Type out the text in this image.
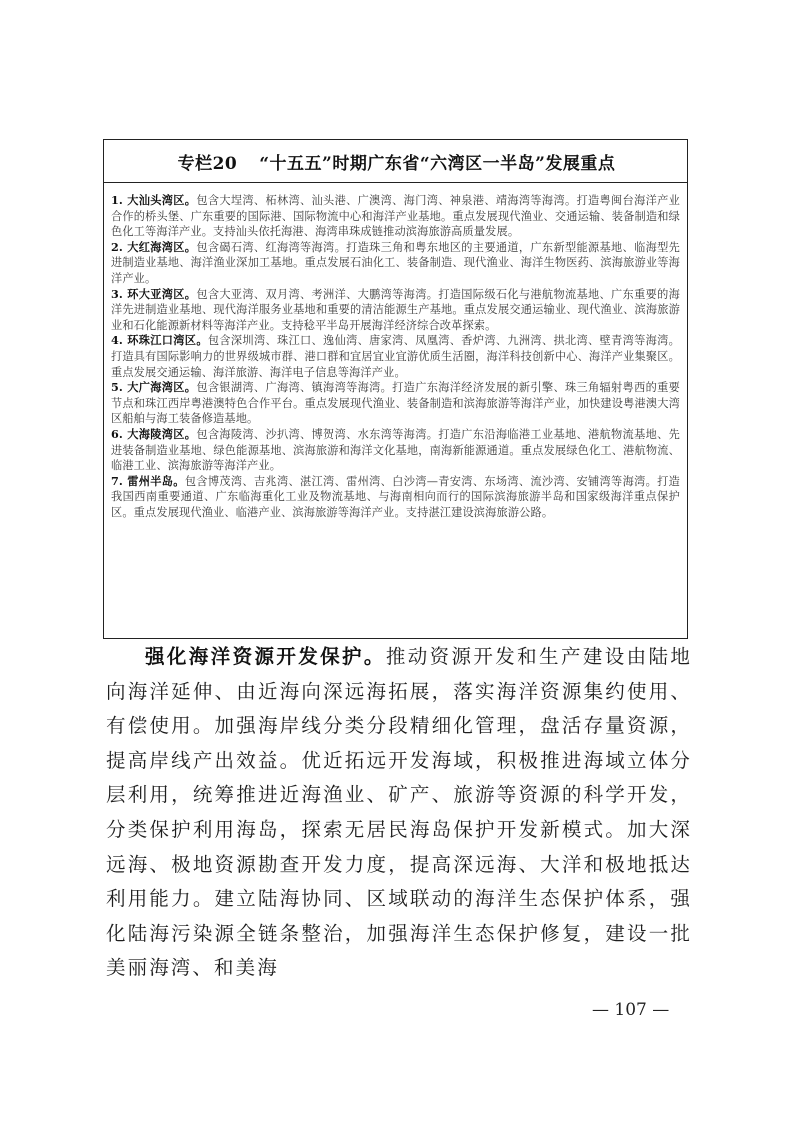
专栏20 “十五五”时期广东省“六湾区一半岛”发展重点
1. 大汕头湾区。包含大埕湾、柘林湾、汕头港、广澳湾、海门湾、神泉港、靖海湾等海湾。打造粤闽台海洋产业合作的桥头堡、广东重要的国际港、国际物流中心和海洋产业基地。重点发展现代渔业、交通运输、装备制造和绿色化工等海洋产业。支持汕头依托海港、海湾串珠成链推动滨海旅游高质量发展。
2. 大红海湾区。包含碣石湾、红海湾等海湾。打造珠三角和粤东地区的主要通道，广东新型能源基地、临海型先进制造业基地、海洋渔业深加工基地。重点发展石油化工、装备制造、现代渔业、海洋生物医药、滨海旅游业等海洋产业。
3. 环大亚湾区。包含大亚湾、双月湾、考洲洋、大鹏湾等海湾。打造国际级石化与港航物流基地、广东重要的海洋先进制造业基地、现代海洋服务业基地和重要的清洁能源生产基地。重点发展交通运输业、现代渔业、滨海旅游业和石化能源新材料等海洋产业。支持稔平半岛开展海洋经济综合改革探索。
4. 环珠江口湾区。包含深圳湾、珠江口、逸仙湾、唐家湾、凤凰湾、香炉湾、九洲湾、拱北湾、壁青湾等海湾。打造具有国际影响力的世界级城市群、港口群和宜居宜业宜游优质生活圈，海洋科技创新中心、海洋产业集聚区。重点发展交通运输、海洋旅游、海洋电子信息等海洋产业。
5. 大广海湾区。包含银湖湾、广海湾、镇海湾等海湾。打造广东海洋经济发展的新引擎、珠三角辐射粤西的重要节点和珠江西岸粤港澳特色合作平台。重点发展现代渔业、装备制造和滨海旅游等海洋产业，加快建设粤港澳大湾区船舶与海工装备修造基地。
6. 大海陵湾区。包含海陵湾、沙扒湾、博贺湾、水东湾等海湾。打造广东沿海临港工业基地、港航物流基地、先进装备制造业基地、绿色能源基地、滨海旅游和海洋文化基地，南海新能源通道。重点发展绿色化工、港航物流、临港工业、滨海旅游等海洋产业。
7. 雷州半岛。包含博茂湾、吉兆湾、湛江湾、雷州湾、白沙湾—青安湾、东场湾、流沙湾、安铺湾等海湾。打造我国西南重要通道、广东临海重化工业及物流基地、与海南相向而行的国际滨海旅游半岛和国家级海洋重点保护区。重点发展现代渔业、临港产业、滨海旅游等海洋产业。支持湛江建设滨海旅游公路。

强化海洋资源开发保护。推动资源开发和生产建设由陆地向海洋延伸、由近海向深远海拓展，落实海洋资源集约使用、有偿使用。加强海岸线分类分段精细化管理，盘活存量资源，提高岸线产出效益。优近拓远开发海域，积极推进海域立体分层利用，统筹推进近海渔业、矿产、旅游等资源的科学开发，分类保护利用海岛，探索无居民海岛保护开发新模式。加大深远海、极地资源勘查开发力度，提高深远海、大洋和极地抵达利用能力。建立陆海协同、区域联动的海洋生态保护体系，强化陆海污染源全链条整治，加强海洋生态保护修复，建设一批美丽海湾、和美海

— 107 —
